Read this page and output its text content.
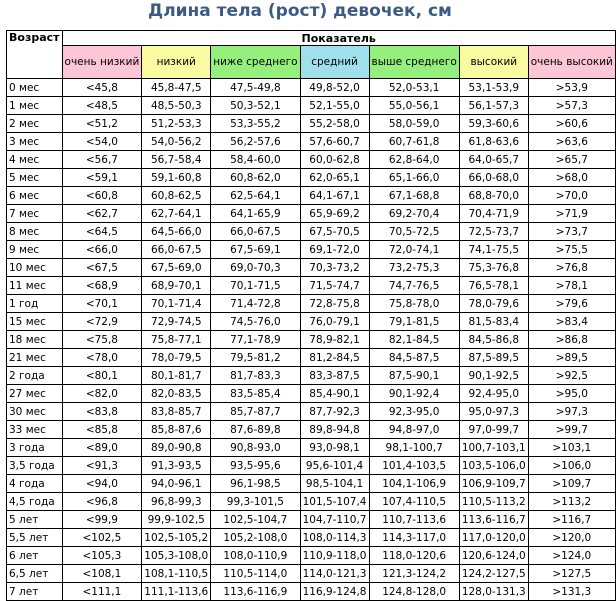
Длина тела (рост) девочек, см
Возраст	Показатель						
	очень низкий	низкий	ниже среднего	средний	выше среднего	высокий	очень высокий
0 мес	<45,8	45,8-47,5	47,5-49,8	49,8-52,0	52,0-53,1	53,1-53,9	>53,9
1 мес	<48,5	48,5-50,3	50,3-52,1	52,1-55,0	55,0-56,1	56,1-57,3	>57,3
2 мес	<51,2	51,2-53,3	53,3-55,2	55,2-58,0	58,0-59,0	59,3-60,6	>60,6
3 мес	<54,0	54,0-56,2	56,2-57,6	57,6-60,7	60,7-61,8	61,8-63,6	>63,6
4 мес	<56,7	56,7-58,4	58,4-60,0	60,0-62,8	62,8-64,0	64,0-65,7	>65,7
5 мес	<59,1	59,1-60,8	60,8-62,0	62,0-65,1	65,1-66,0	66,0-68,0	>68,0
6 мес	<60,8	60,8-62,5	62,5-64,1	64,1-67,1	67,1-68,8	68,8-70,0	>70,0
7 мес	<62,7	62,7-64,1	64,1-65,9	65,9-69,2	69,2-70,4	70,4-71,9	>71,9
8 мес	<64,5	64,5-66,0	66,0-67,5	67,5-70,5	70,5-72,5	72,5-73,7	>73,7
9 мес	<66,0	66,0-67,5	67,5-69,1	69,1-72,0	72,0-74,1	74,1-75,5	>75,5
10 мес	<67,5	67,5-69,0	69,0-70,3	70,3-73,2	73,2-75,3	75,3-76,8	>76,8
11 мес	<68,9	68,9-70,1	70,1-71,5	71,5-74,7	74,7-76,5	76,5-78,1	>78,1
1 год	<70,1	70,1-71,4	71,4-72,8	72,8-75,8	75,8-78,0	78,0-79,6	>79,6
15 мес	<72,9	72,9-74,5	74,5-76,0	76,0-79,1	79,1-81,5	81,5-83,4	>83,4
18 мес	<75,8	75,8-77,1	77,1-78,9	78,9-82,1	82,1-84,5	84,5-86,8	>86,8
21 мес	<78,0	78,0-79,5	79,5-81,2	81,2-84,5	84,5-87,5	87,5-89,5	>89,5
2 года	<80,1	80,1-81,7	81,7-83,3	83,3-87,5	87,5-90,1	90,1-92,5	>92,5
27 мес	<82,0	82,0-83,5	83,5-85,4	85,4-90,1	90,1-92,4	92,4-95,0	>95,0
30 мес	<83,8	83,8-85,7	85,7-87,7	87,7-92,3	92,3-95,0	95,0-97,3	>97,3
33 мес	<85,8	85,8-87,6	87,6-89,8	89,8-94,8	94,8-97,0	97,0-99,7	>99,7
3 года	<89,0	89,0-90,8	90,8-93,0	93,0-98,1	98,1-100,7	100,7-103,1	>103,1
3,5 года	<91,3	91,3-93,5	93,5-95,6	95,6-101,4	101,4-103,5	103,5-106,0	>106,0
4 года	<94,0	94,0-96,1	96,1-98,5	98,5-104,1	104,1-106,9	106,9-109,7	>109,7
4,5 года	<96,8	96,8-99,3	99,3-101,5	101,5-107,4	107,4-110,5	110,5-113,2	>113,2
5 лет	<99,9	99,9-102,5	102,5-104,7	104,7-110,7	110,7-113,6	113,6-116,7	>116,7
5,5 лет	<102,5	102,5-105,2	105,2-108,0	108,0-114,3	114,3-117,0	117,0-120,0	>120,0
6 лет	<105,3	105,3-108,0	108,0-110,9	110,9-118,0	118,0-120,6	120,6-124,0	>124,0
6,5 лет	<108,1	108,1-110,5	110,5-114,0	114,0-121,3	121,3-124,2	124,2-127,5	>127,5
7 лет	<111,1	111,1-113,6	113,6-116,9	116,9-124,8	124,8-128,0	128,0-131,3	>131,3
